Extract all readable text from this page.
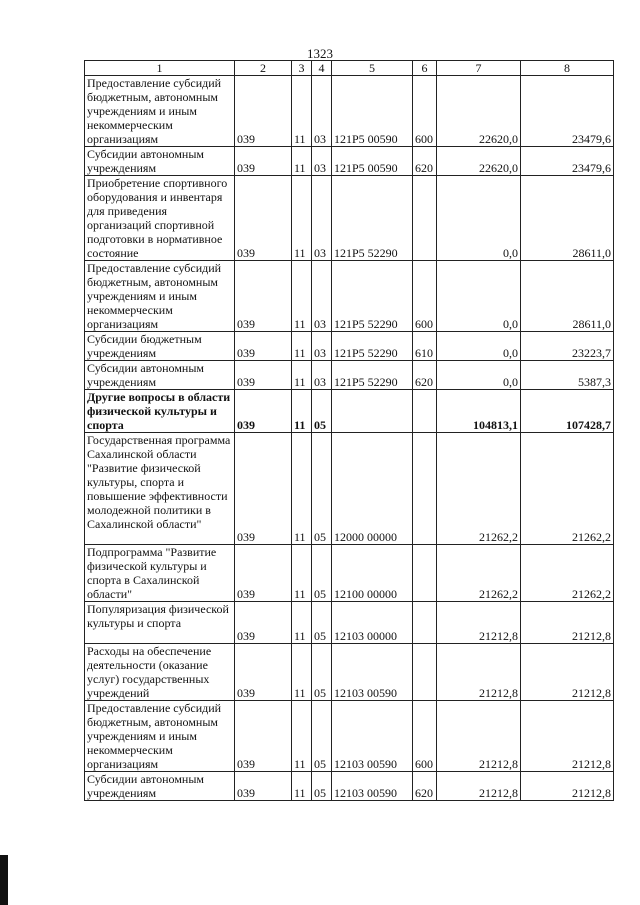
1323
1	2	3	4	5	6	7	8
Предоставление субсидий бюджетным, автономным учреждениям и иным некоммерческим организациям	039	11	03	121P5 00590	600	22620,0	23479,6
Субсидии автономным учреждениям	039	11	03	121P5 00590	620	22620,0	23479,6
Приобретение спортивного оборудования и инвентаря для приведения организаций спортивной подготовки в нормативное состояние	039	11	03	121P5 52290		0,0	28611,0
Предоставление субсидий бюджетным, автономным учреждениям и иным некоммерческим организациям	039	11	03	121P5 52290	600	0,0	28611,0
Субсидии бюджетным учреждениям	039	11	03	121P5 52290	610	0,0	23223,7
Субсидии автономным учреждениям	039	11	03	121P5 52290	620	0,0	5387,3
Другие вопросы в области физической культуры и спорта	039	11	05			104813,1	107428,7
Государственная программа Сахалинской области "Развитие физической культуры, спорта и повышение эффективности молодежной политики в Сахалинской области"	039	11	05	12000 00000		21262,2	21262,2
Подпрограмма "Развитие физической культуры и спорта в Сахалинской области"	039	11	05	12100 00000		21262,2	21262,2
Популяризация физической культуры и спорта	039	11	05	12103 00000		21212,8	21212,8
Расходы на обеспечение деятельности (оказание услуг) государственных учреждений	039	11	05	12103 00590		21212,8	21212,8
Предоставление субсидий бюджетным, автономным учреждениям и иным некоммерческим организациям	039	11	05	12103 00590	600	21212,8	21212,8
Субсидии автономным учреждениям	039	11	05	12103 00590	620	21212,8	21212,8
